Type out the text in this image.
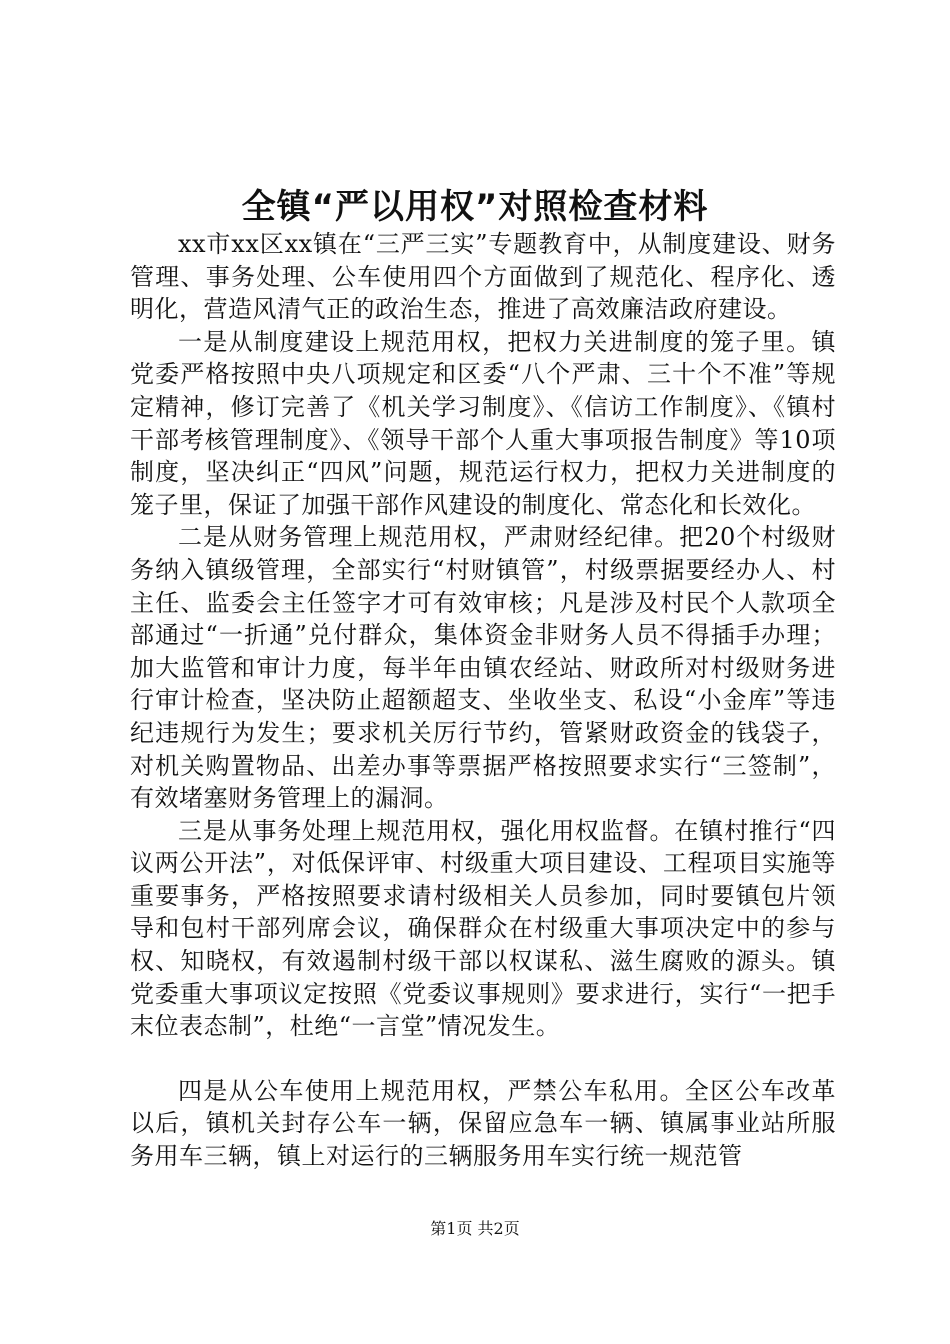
全镇“严以用权”对照检查材料

xx市xx区xx镇在“三严三实”专题教育中，从制度建设、财务管理、事务处理、公车使用四个方面做到了规范化、程序化、透明化，营造风清气正的政治生态，推进了高效廉洁政府建设。

一是从制度建设上规范用权，把权力关进制度的笼子里。镇党委严格按照中央八项规定和区委“八个严肃、三十个不准”等规定精神，修订完善了《机关学习制度》、《信访工作制度》、《镇村干部考核管理制度》、《领导干部个人重大事项报告制度》等10项制度，坚决纠正“四风”问题，规范运行权力，把权力关进制度的笼子里，保证了加强干部作风建设的制度化、常态化和长效化。

二是从财务管理上规范用权，严肃财经纪律。把20个村级财务纳入镇级管理，全部实行“村财镇管”，村级票据要经办人、村主任、监委会主任签字才可有效审核；凡是涉及村民个人款项全部通过“一折通”兑付群众，集体资金非财务人员不得插手办理；加大监管和审计力度，每半年由镇农经站、财政所对村级财务进行审计检查，坚决防止超额超支、坐收坐支、私设“小金库”等违纪违规行为发生；要求机关厉行节约，管紧财政资金的钱袋子，对机关购置物品、出差办事等票据严格按照要求实行“三签制”，有效堵塞财务管理上的漏洞。

三是从事务处理上规范用权，强化用权监督。在镇村推行“四议两公开法”，对低保评审、村级重大项目建设、工程项目实施等重要事务，严格按照要求请村级相关人员参加，同时要镇包片领导和包村干部列席会议，确保群众在村级重大事项决定中的参与权、知晓权，有效遏制村级干部以权谋私、滋生腐败的源头。镇党委重大事项议定按照《党委议事规则》要求进行，实行“一把手末位表态制”，杜绝“一言堂”情况发生。

四是从公车使用上规范用权，严禁公车私用。全区公车改革以后，镇机关封存公车一辆，保留应急车一辆、镇属事业站所服务用车三辆，镇上对运行的三辆服务用车实行统一规范管

第1页 共2页
